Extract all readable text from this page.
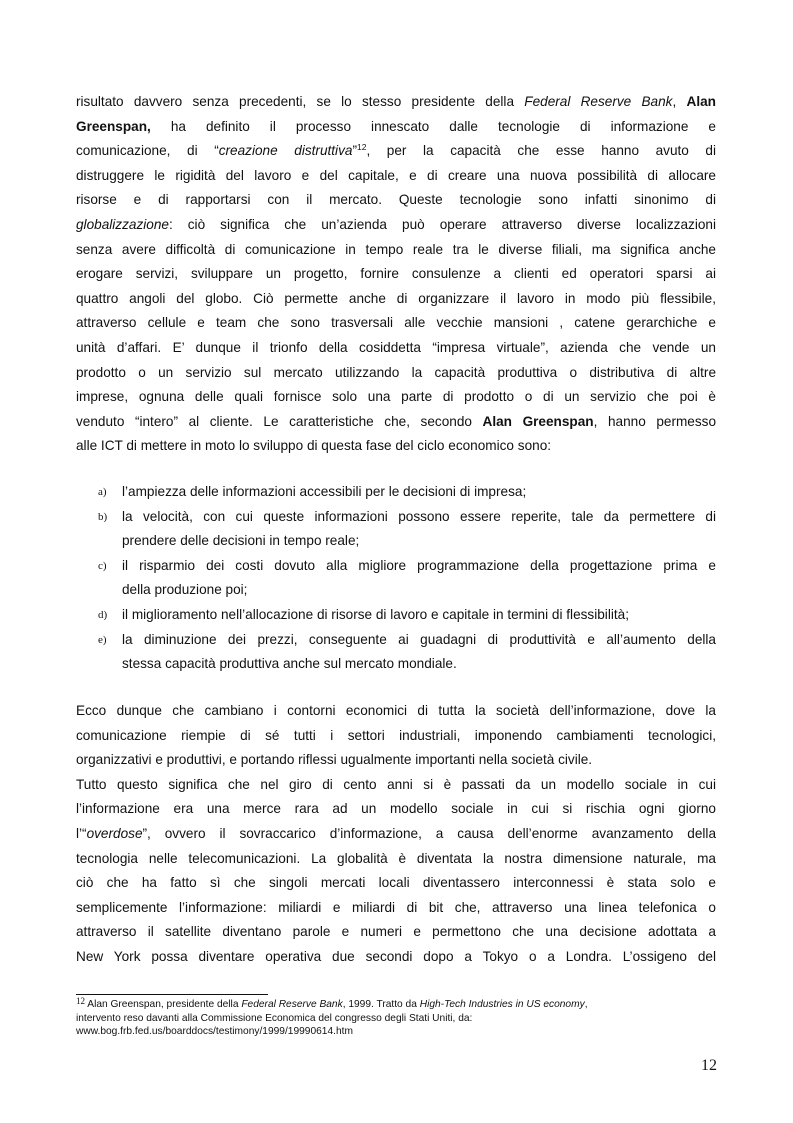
risultato davvero senza precedenti, se lo stesso presidente della Federal Reserve Bank, Alan
Greenspan, ha definito il processo innescato dalle tecnologie di informazione e
comunicazione, di “creazione distruttiva”$^{12}$, per la capacità che esse hanno avuto di
distruggere le rigidità del lavoro e del capitale, e di creare una nuova possibilità di allocare
risorse e di rapportarsi con il mercato. Queste tecnologie sono infatti sinonimo di
globalizzazione: ciò significa che un’azienda può operare attraverso diverse localizzazioni
senza avere difficoltà di comunicazione in tempo reale tra le diverse filiali, ma significa anche
erogare servizi, sviluppare un progetto, fornire consulenze a clienti ed operatori sparsi ai
quattro angoli del globo. Ciò permette anche di organizzare il lavoro in modo più flessibile,
attraverso cellule e team che sono trasversali alle vecchie mansioni , catene gerarchiche e
unità d’affari. E’ dunque il trionfo della cosiddetta “impresa virtuale”, azienda che vende un
prodotto o un servizio sul mercato utilizzando la capacità produttiva o distributiva di altre
imprese, ognuna delle quali fornisce solo una parte di prodotto o di un servizio che poi è
venduto “intero” al cliente. Le caratteristiche che, secondo Alan Greenspan, hanno permesso
alle ICT di mettere in moto lo sviluppo di questa fase del ciclo economico sono:
a) l’ampiezza delle informazioni accessibili per le decisioni di impresa;
b) la velocità, con cui queste informazioni possono essere reperite, tale da permettere di
prendere delle decisioni in tempo reale;
c) il risparmio dei costi dovuto alla migliore programmazione della progettazione prima e
della produzione poi;
d) il miglioramento nell’allocazione di risorse di lavoro e capitale in termini di flessibilità;
e) la diminuzione dei prezzi, conseguente ai guadagni di produttività e all’aumento della
stessa capacità produttiva anche sul mercato mondiale.
Ecco dunque che cambiano i contorni economici di tutta la società dell’informazione, dove la
comunicazione riempie di sé tutti i settori industriali, imponendo cambiamenti tecnologici,
organizzativi e produttivi, e portando riflessi ugualmente importanti nella società civile.
Tutto questo significa che nel giro di cento anni si è passati da un modello sociale in cui
l’informazione era una merce rara ad un modello sociale in cui si rischia ogni giorno
l’“overdose”, ovvero il sovraccarico d’informazione, a causa dell’enorme avanzamento della
tecnologia nelle telecomunicazioni. La globalità è diventata la nostra dimensione naturale, ma
ciò che ha fatto sì che singoli mercati locali diventassero interconnessi è stata solo e
semplicemente l’informazione: miliardi e miliardi di bit che, attraverso una linea telefonica o
attraverso il satellite diventano parole e numeri e permettono che una decisione adottata a
New York possa diventare operativa due secondi dopo a Tokyo o a Londra. L’ossigeno del
$^{12}$ Alan Greenspan, presidente della Federal Reserve Bank, 1999. Tratto da High-Tech Industries in US economy,
intervento reso davanti alla Commissione Economica del congresso degli Stati Uniti, da:
www.bog.frb.fed.us/boarddocs/testimony/1999/19990614.htm
12
